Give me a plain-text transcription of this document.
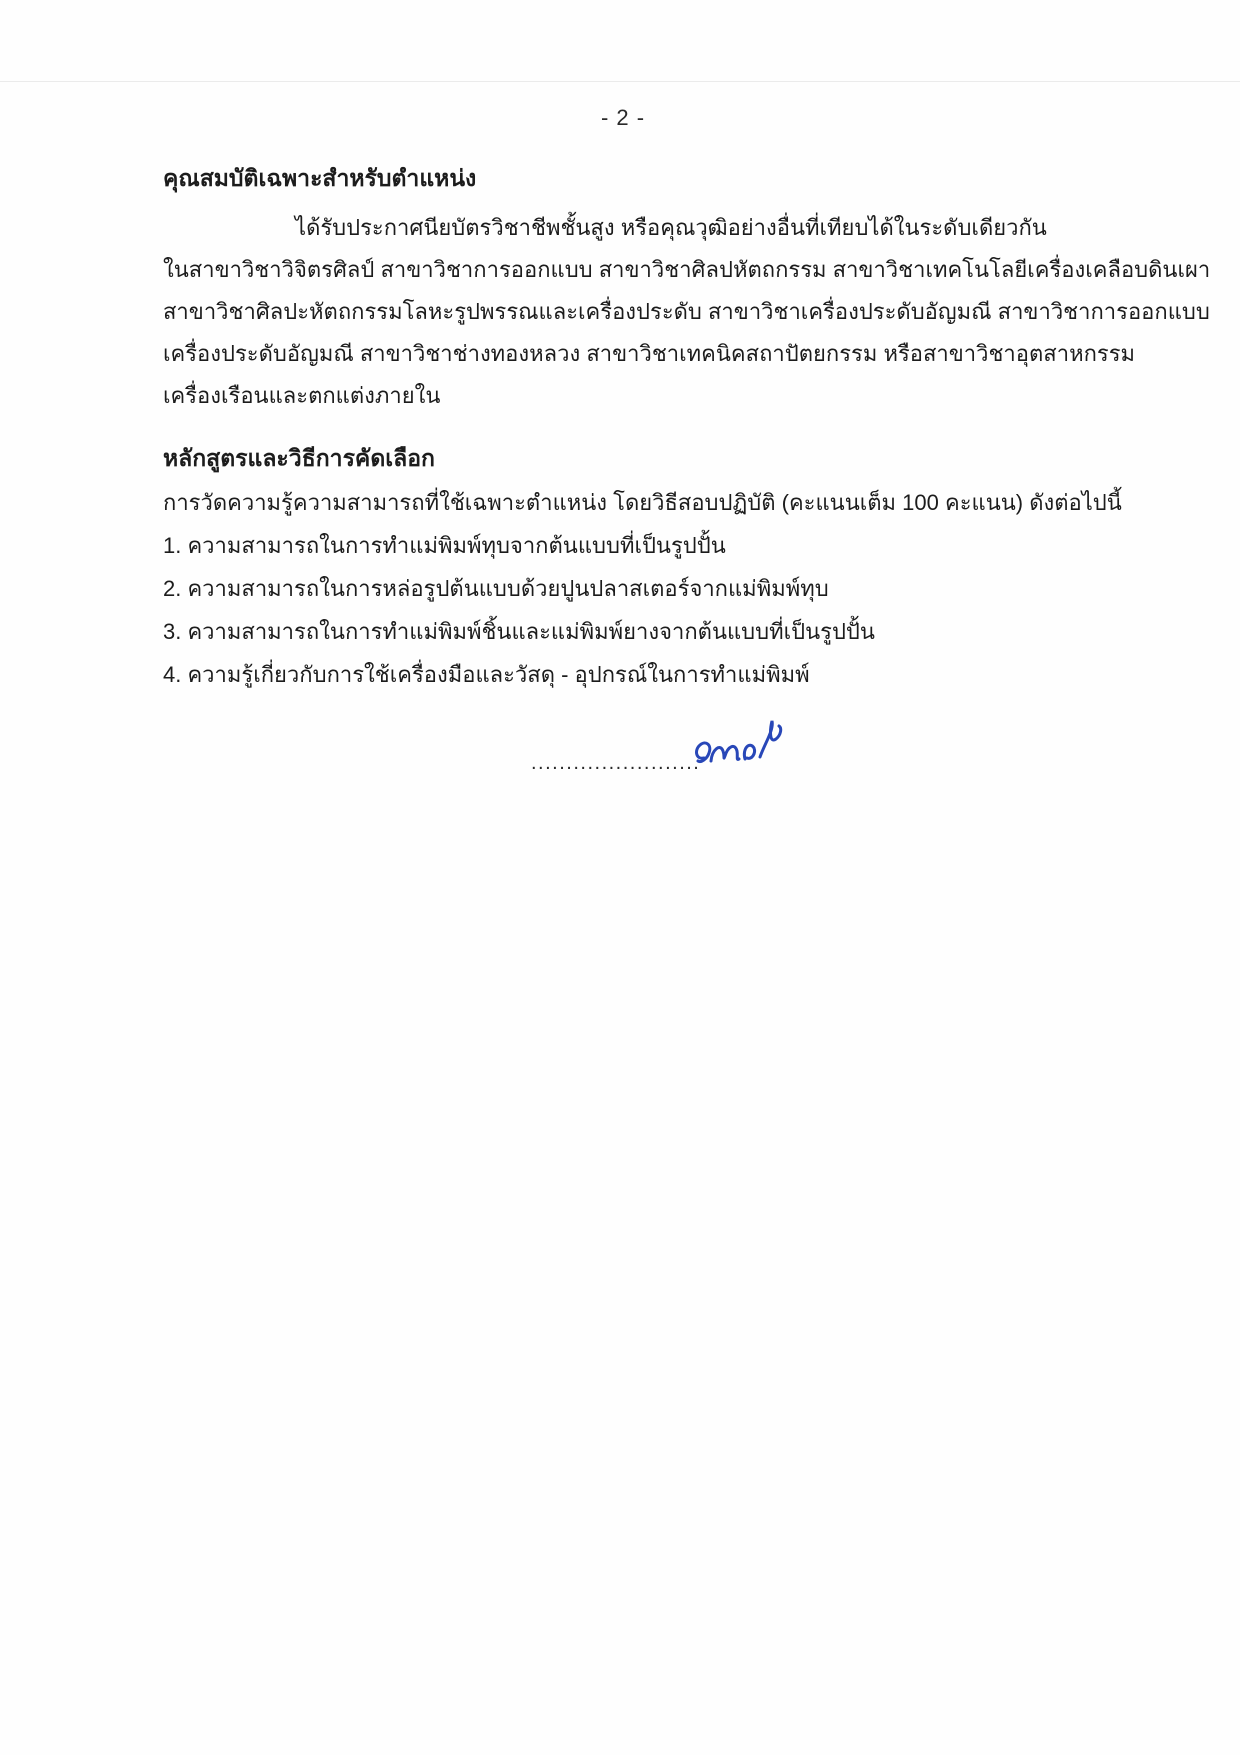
- 2 -
คุณสมบัติเฉพาะสำหรับตำแหน่ง
ได้รับประกาศนียบัตรวิชาชีพชั้นสูง หรือคุณวุฒิอย่างอื่นที่เทียบได้ในระดับเดียวกัน
ในสาขาวิชาวิจิตรศิลป์ สาขาวิชาการออกแบบ สาขาวิชาศิลปหัตถกรรม สาขาวิชาเทคโนโลยีเครื่องเคลือบดินเผา
สาขาวิชาศิลปะหัตถกรรมโลหะรูปพรรณและเครื่องประดับ สาขาวิชาเครื่องประดับอัญมณี สาขาวิชาการออกแบบ
เครื่องประดับอัญมณี สาขาวิชาช่างทองหลวง สาขาวิชาเทคนิคสถาปัตยกรรม หรือสาขาวิชาอุตสาหกรรม
เครื่องเรือนและตกแต่งภายใน
หลักสูตรและวิธีการคัดเลือก
การวัดความรู้ความสามารถที่ใช้เฉพาะตำแหน่ง โดยวิธีสอบปฏิบัติ (คะแนนเต็ม 100 คะแนน) ดังต่อไปนี้
1. ความสามารถในการทำแม่พิมพ์ทุบจากต้นแบบที่เป็นรูปปั้น
2. ความสามารถในการหล่อรูปต้นแบบด้วยปูนปลาสเตอร์จากแม่พิมพ์ทุบ
3. ความสามารถในการทำแม่พิมพ์ชิ้นและแม่พิมพ์ยางจากต้นแบบที่เป็นรูปปั้น
4. ความรู้เกี่ยวกับการใช้เครื่องมือและวัสดุ - อุปกรณ์ในการทำแม่พิมพ์
........................
